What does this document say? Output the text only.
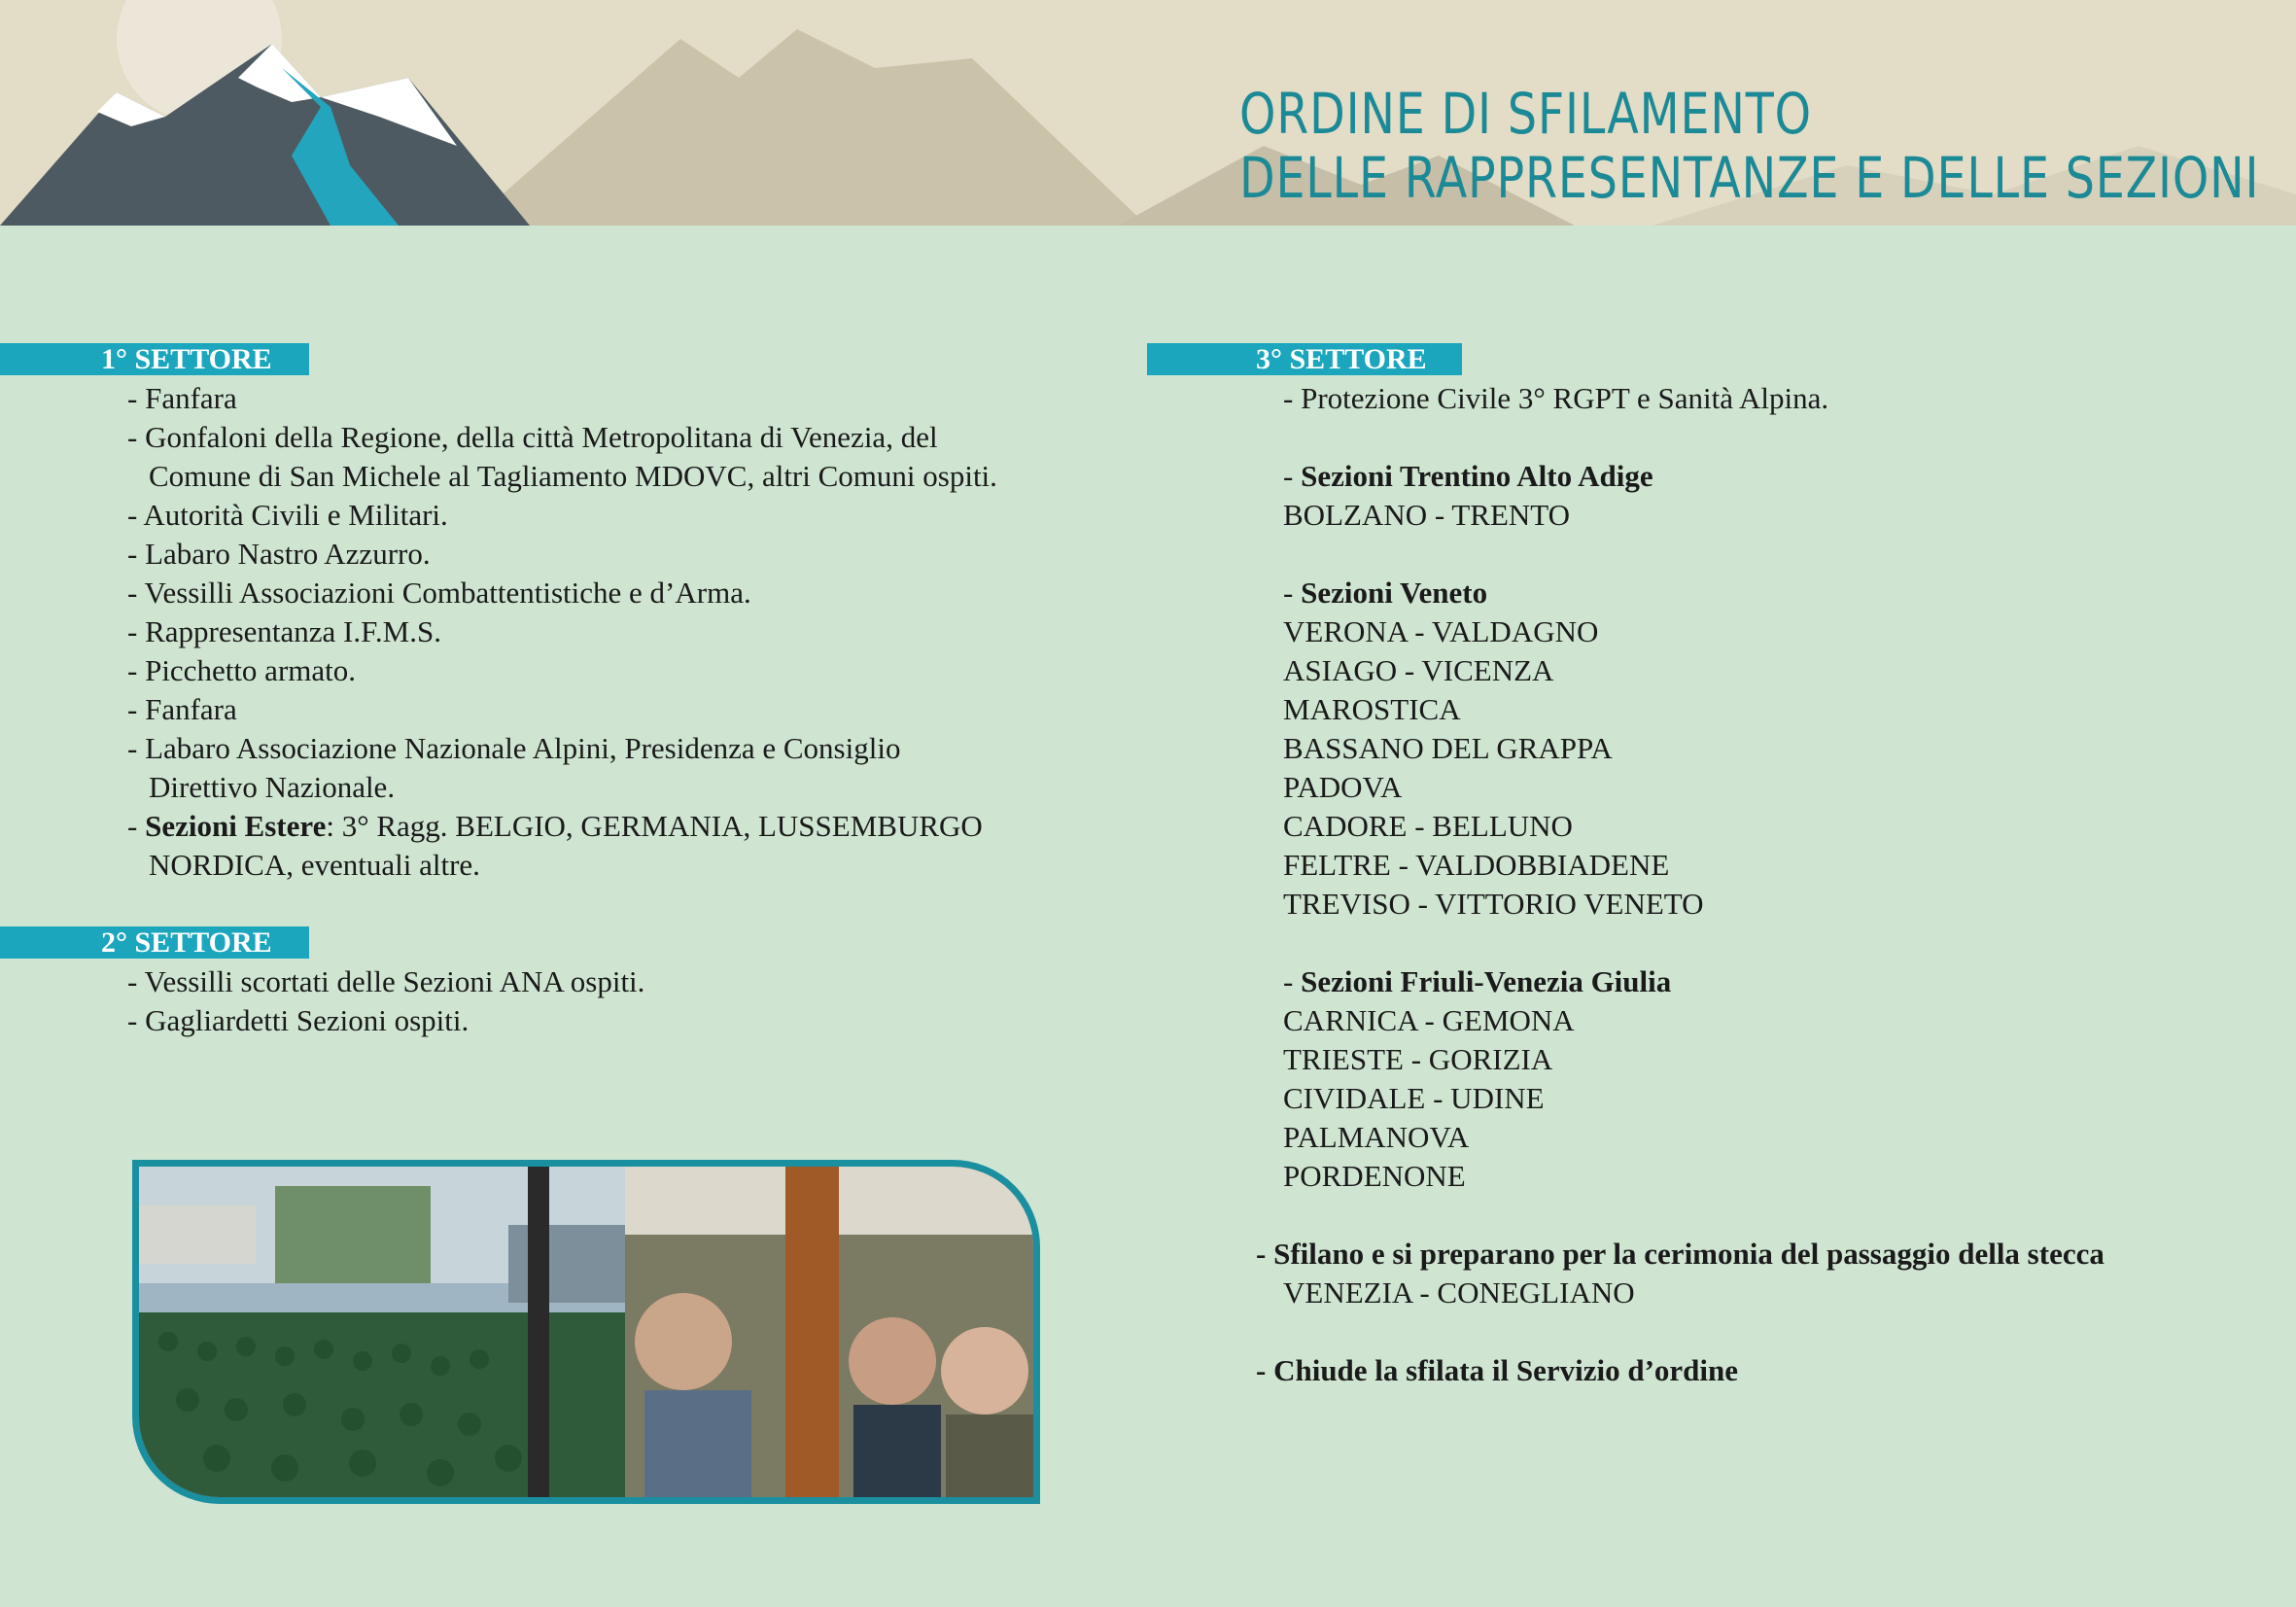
ORDINE DI SFILAMENTO
DELLE RAPPRESENTANZE E DELLE SEZIONI
1° SETTORE
- Fanfara
- Gonfaloni della Regione, della città Metropolitana di Venezia, del
Comune di San Michele al Tagliamento MDOVC, altri Comuni ospiti.
- Autorità Civili e Militari.
- Labaro Nastro Azzurro.
- Vessilli Associazioni Combattentistiche e d’Arma.
- Rappresentanza I.F.M.S.
- Picchetto armato.
- Fanfara
- Labaro Associazione Nazionale Alpini, Presidenza e Consiglio
Direttivo Nazionale.
- Sezioni Estere: 3° Ragg. BELGIO, GERMANIA, LUSSEMBURGO
NORDICA, eventuali altre.
2° SETTORE
- Vessilli scortati delle Sezioni ANA ospiti.
- Gagliardetti Sezioni ospiti.
3° SETTORE
- Protezione Civile 3° RGPT e Sanità Alpina.
- Sezioni Trentino Alto Adige
BOLZANO - TRENTO
- Sezioni Veneto
VERONA - VALDAGNO
ASIAGO - VICENZA
MAROSTICA
BASSANO DEL GRAPPA
PADOVA
CADORE - BELLUNO
FELTRE - VALDOBBIADENE
TREVISO - VITTORIO VENETO
- Sezioni Friuli-Venezia Giulia
CARNICA - GEMONA
TRIESTE - GORIZIA
CIVIDALE - UDINE
PALMANOVA
PORDENONE
- Sfilano e si preparano per la cerimonia del passaggio della stecca
VENEZIA - CONEGLIANO
- Chiude la sfilata il Servizio d’ordine
